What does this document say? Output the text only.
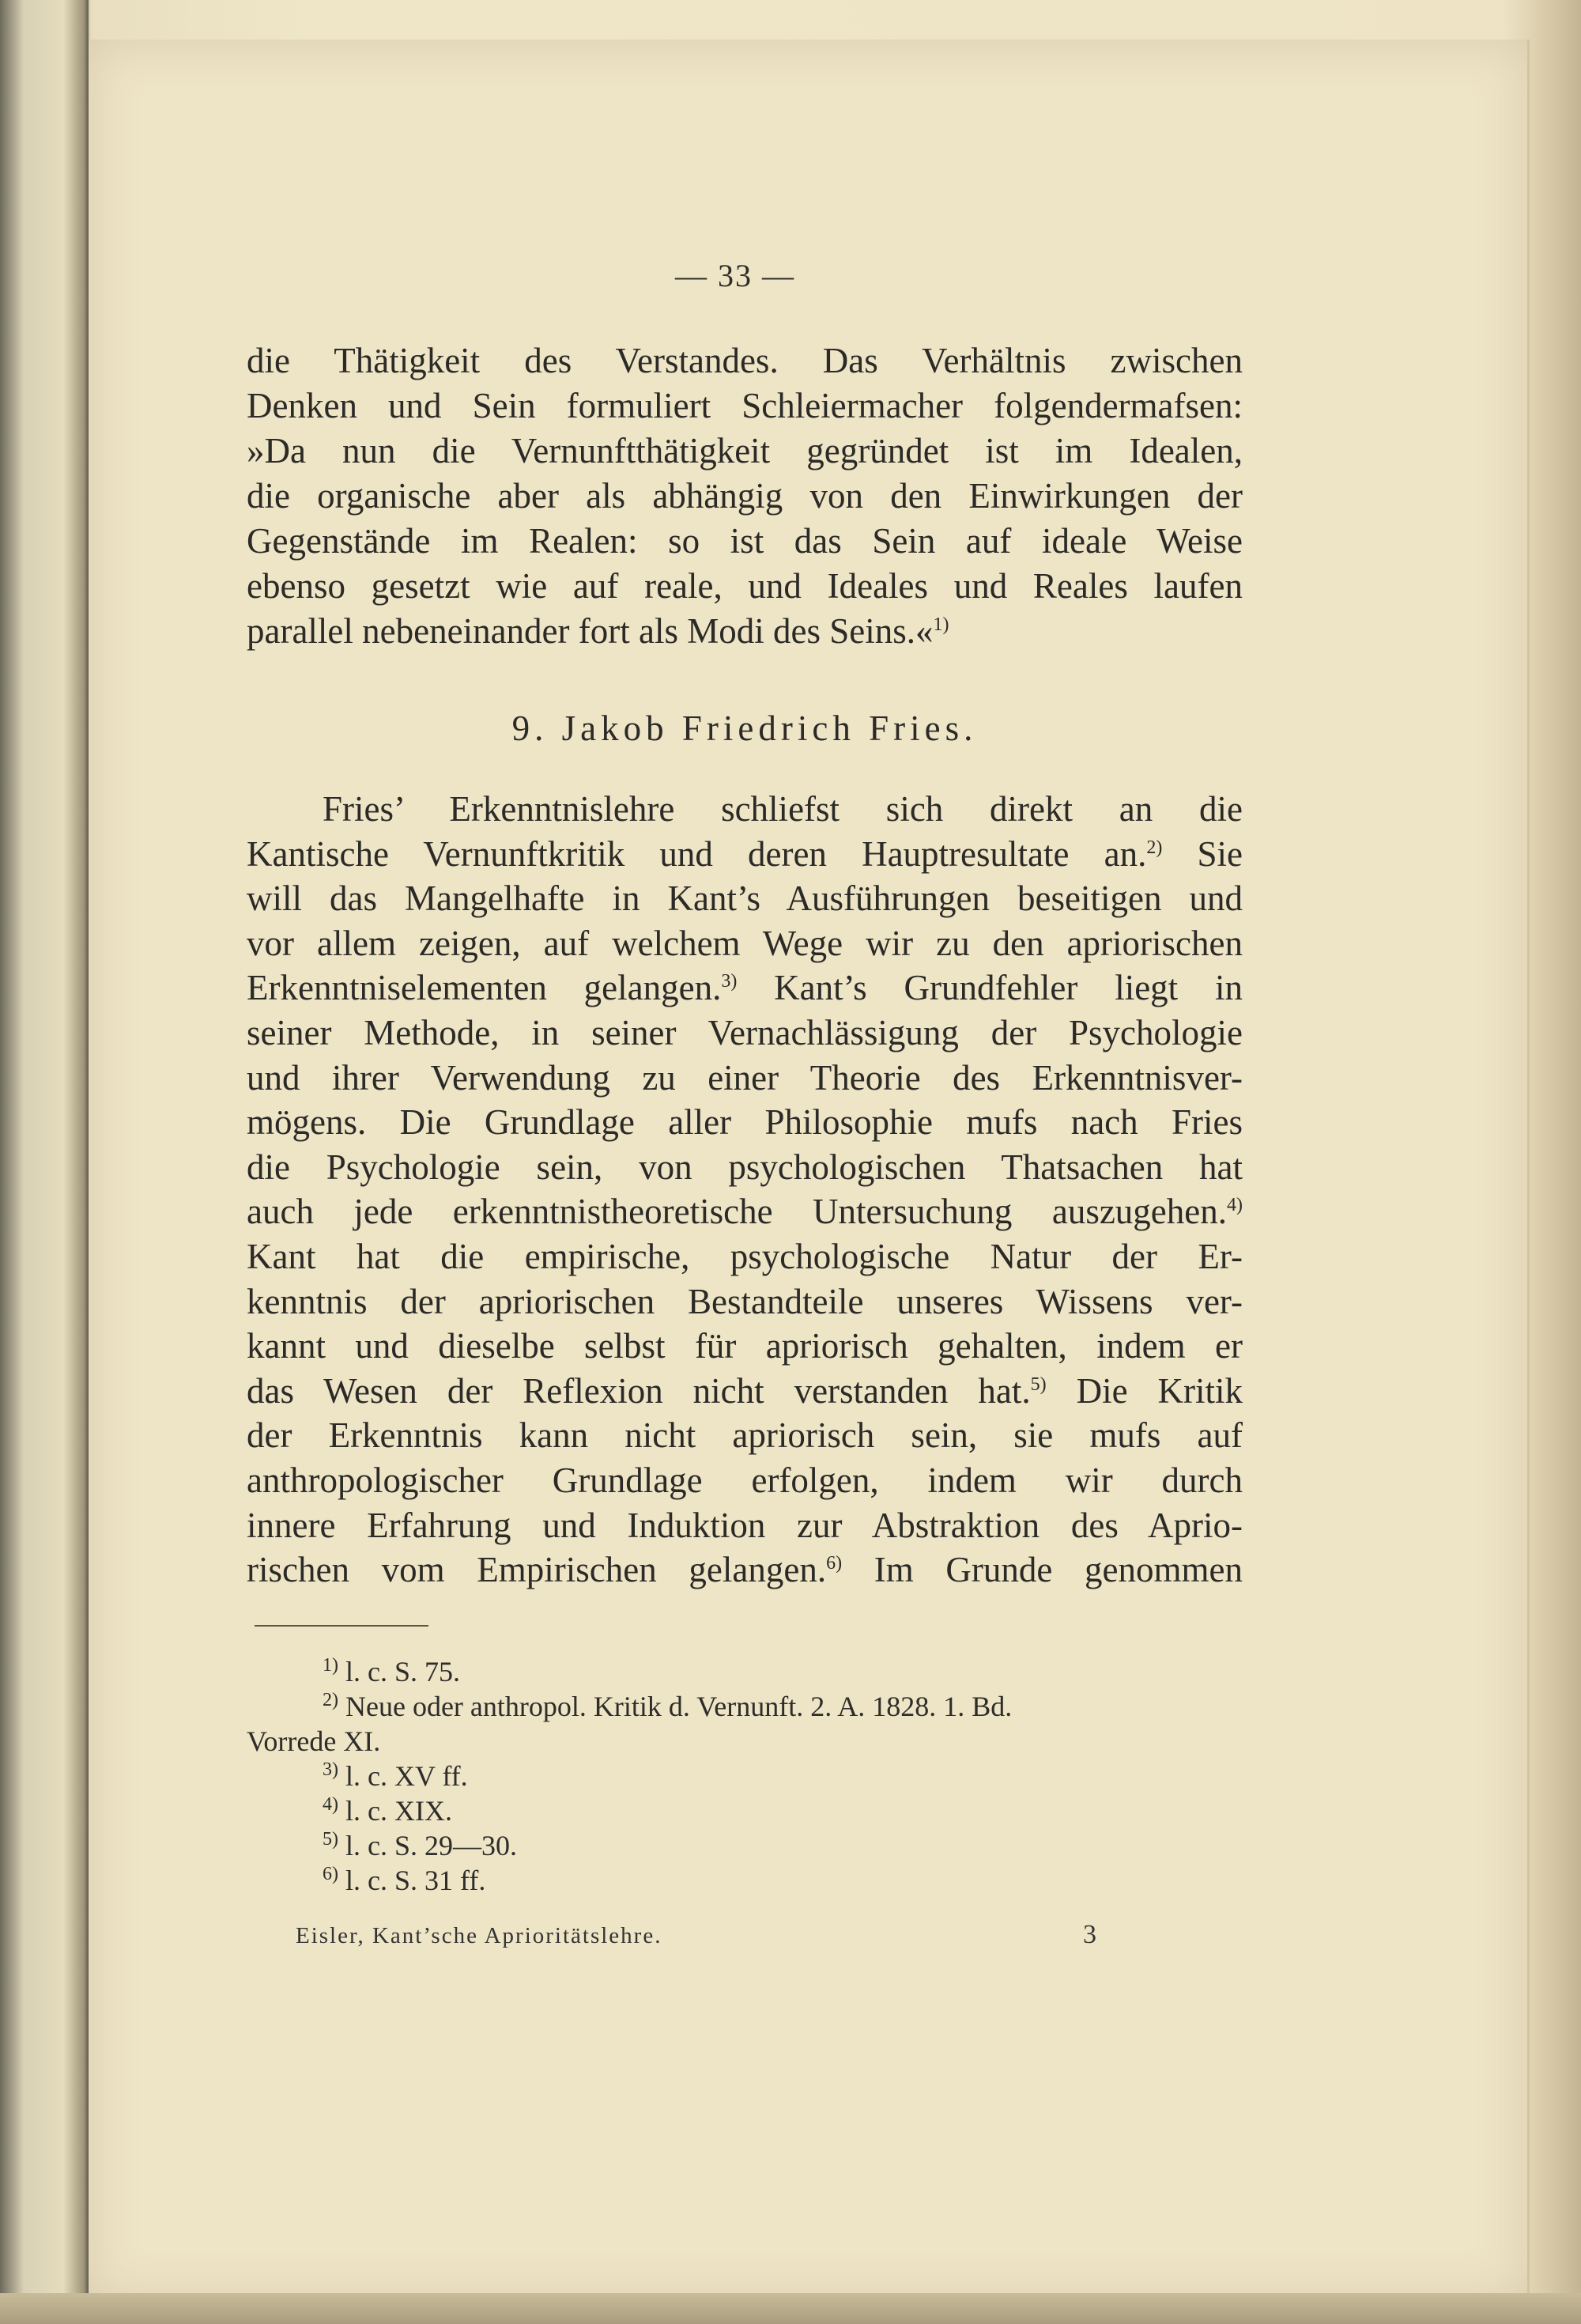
— 33 —
die Thätigkeit des Verstandes. Das Verhältnis zwischen
Denken und Sein formuliert Schleiermacher folgendermafsen:
»Da nun die Vernunftthätigkeit gegründet ist im Idealen,
die organische aber als abhängig von den Einwirkungen der
Gegenstände im Realen: so ist das Sein auf ideale Weise
ebenso gesetzt wie auf reale, und Ideales und Reales laufen
parallel nebeneinander fort als Modi des Seins.«$^{1)}$
9. Jakob Friedrich Fries.
Fries’ Erkenntnislehre schliefst sich direkt an die
Kantische Vernunftkritik und deren Hauptresultate an.$^{2)}$ Sie
will das Mangelhafte in Kant’s Ausführungen beseitigen und
vor allem zeigen, auf welchem Wege wir zu den apriorischen
Erkenntniselementen gelangen.$^{3)}$ Kant’s Grundfehler liegt in
seiner Methode, in seiner Vernachlässigung der Psychologie
und ihrer Verwendung zu einer Theorie des Erkenntnisver-
mögens. Die Grundlage aller Philosophie mufs nach Fries
die Psychologie sein, von psychologischen Thatsachen hat
auch jede erkenntnistheoretische Untersuchung auszugehen.$^{4)}$
Kant hat die empirische, psychologische Natur der Er-
kenntnis der apriorischen Bestandteile unseres Wissens ver-
kannt und dieselbe selbst für apriorisch gehalten, indem er
das Wesen der Reflexion nicht verstanden hat.$^{5)}$ Die Kritik
der Erkenntnis kann nicht apriorisch sein, sie mufs auf
anthropologischer Grundlage erfolgen, indem wir durch
innere Erfahrung und Induktion zur Abstraktion des Aprio-
rischen vom Empirischen gelangen.$^{6)}$ Im Grunde genommen
$^{1)}$ l. c. S. 75.
$^{2)}$ Neue oder anthropol. Kritik d. Vernunft. 2. A. 1828. 1. Bd.
Vorrede XI.
$^{3)}$ l. c. XV ff.
$^{4)}$ l. c. XIX.
$^{5)}$ l. c. S. 29—30.
$^{6)}$ l. c. S. 31 ff.
Eisler, Kant’sche Aprioritätslehre.	3
